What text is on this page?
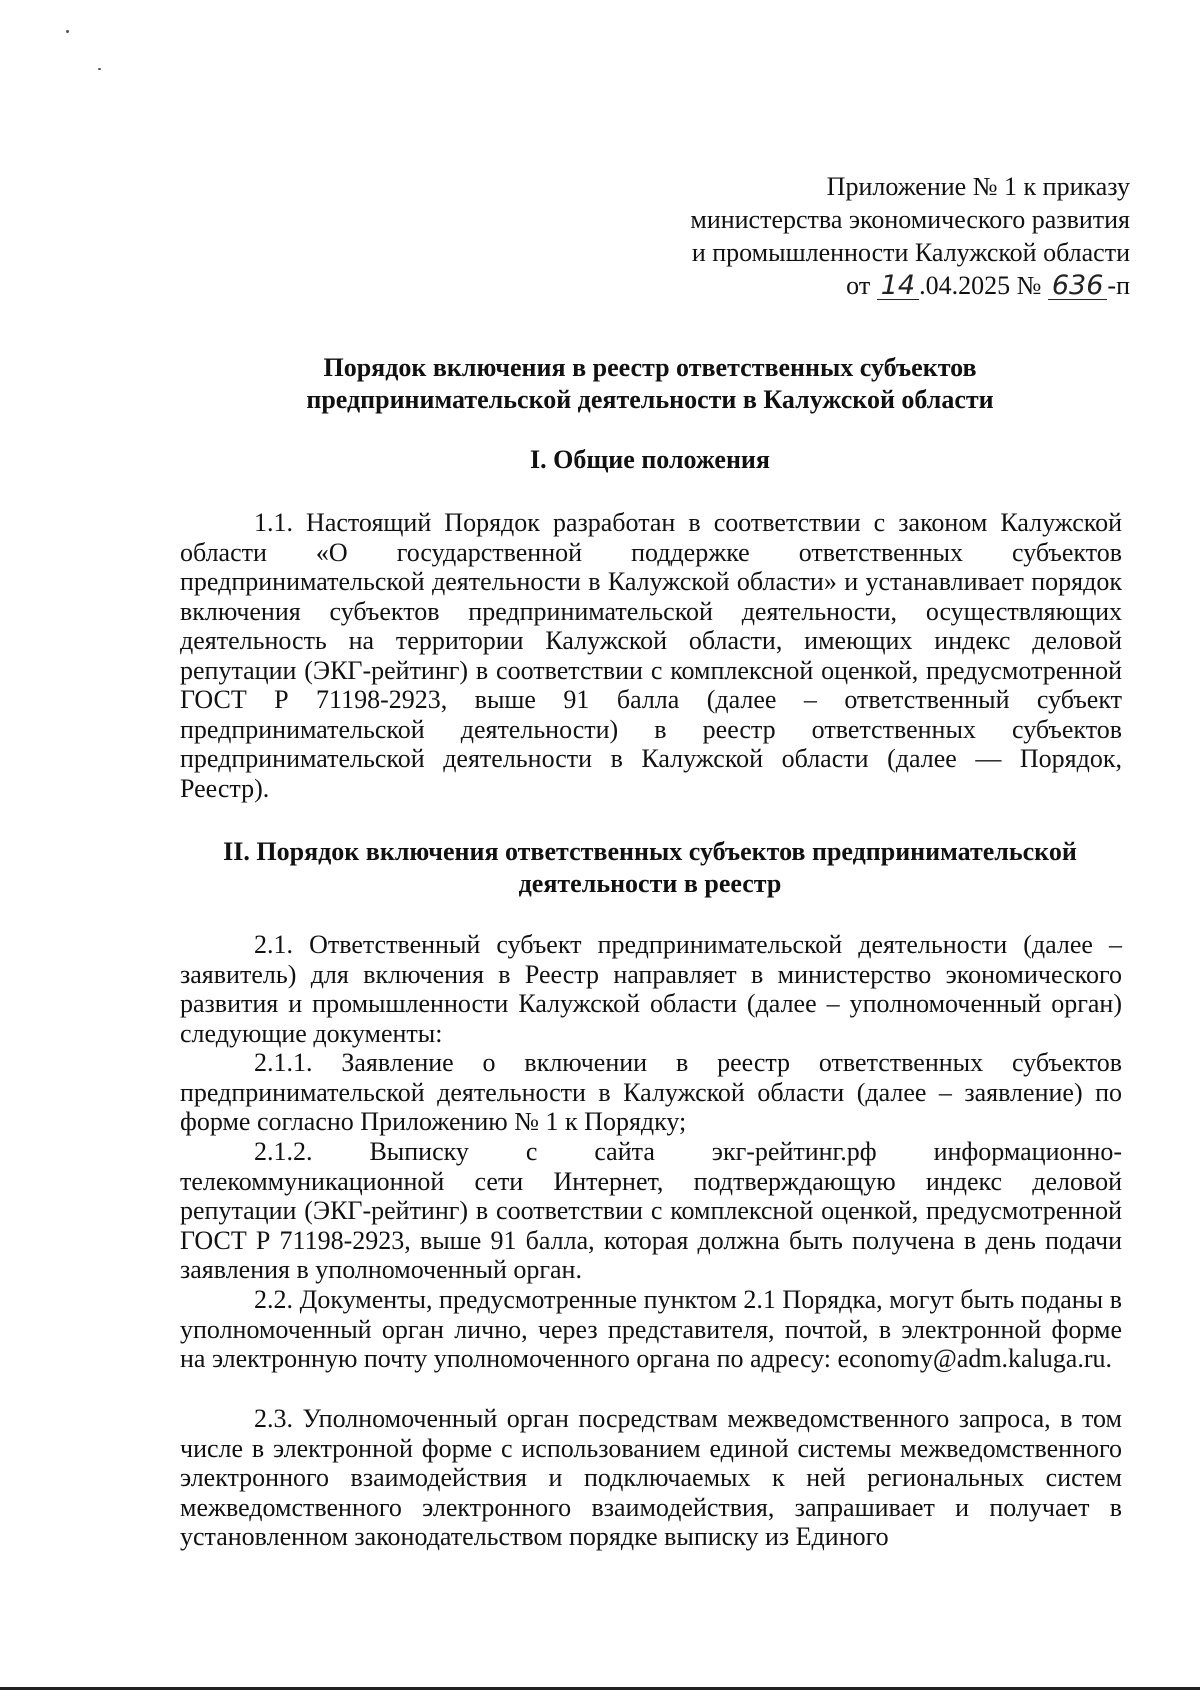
Приложение № 1 к приказу
министерства экономического развития
и промышленности Калужской области
от 14 .04.2025 № 636 -п
Порядок включения в реестр ответственных субъектов
предпринимательской деятельности в Калужской области
I. Общие положения
1.1. Настоящий Порядок разработан в соответствии с законом Калужской области «О государственной поддержке ответственных субъектов предпринимательской деятельности в Калужской области» и устанавливает порядок включения субъектов предпринимательской деятельности, осуществляющих деятельность на территории Калужской области, имеющих индекс деловой репутации (ЭКГ-рейтинг) в соответствии с комплексной оценкой, предусмотренной ГОСТ Р 71198-2923, выше 91 балла (далее – ответственный субъект предпринимательской деятельности) в реестр ответственных субъектов предпринимательской деятельности в Калужской области (далее — Порядок, Реестр).
II. Порядок включения ответственных субъектов предпринимательской
деятельности в реестр
2.1. Ответственный субъект предпринимательской деятельности (далее – заявитель) для включения в Реестр направляет в министерство экономического развития и промышленности Калужской области (далее – уполномоченный орган) следующие документы:
2.1.1. Заявление о включении в реестр ответственных субъектов предпринимательской деятельности в Калужской области (далее – заявление) по форме согласно Приложению № 1 к Порядку;
2.1.2. Выписку с сайта экг-рейтинг.рф информационно-телекоммуникационной сети Интернет, подтверждающую индекс деловой репутации (ЭКГ-рейтинг) в соответствии с комплексной оценкой, предусмотренной ГОСТ Р 71198-2923, выше 91 балла, которая должна быть получена в день подачи заявления в уполномоченный орган.
2.2. Документы, предусмотренные пунктом 2.1 Порядка, могут быть поданы в уполномоченный орган лично, через представителя, почтой, в электронной форме на электронную почту уполномоченного органа по адресу: economy@adm.kaluga.ru.
2.3. Уполномоченный орган посредствам межведомственного запроса, в том числе в электронной форме с использованием единой системы межведомственного электронного взаимодействия и подключаемых к ней региональных систем межведомственного электронного взаимодействия, запрашивает и получает в установленном законодательством порядке выписку из Единого
